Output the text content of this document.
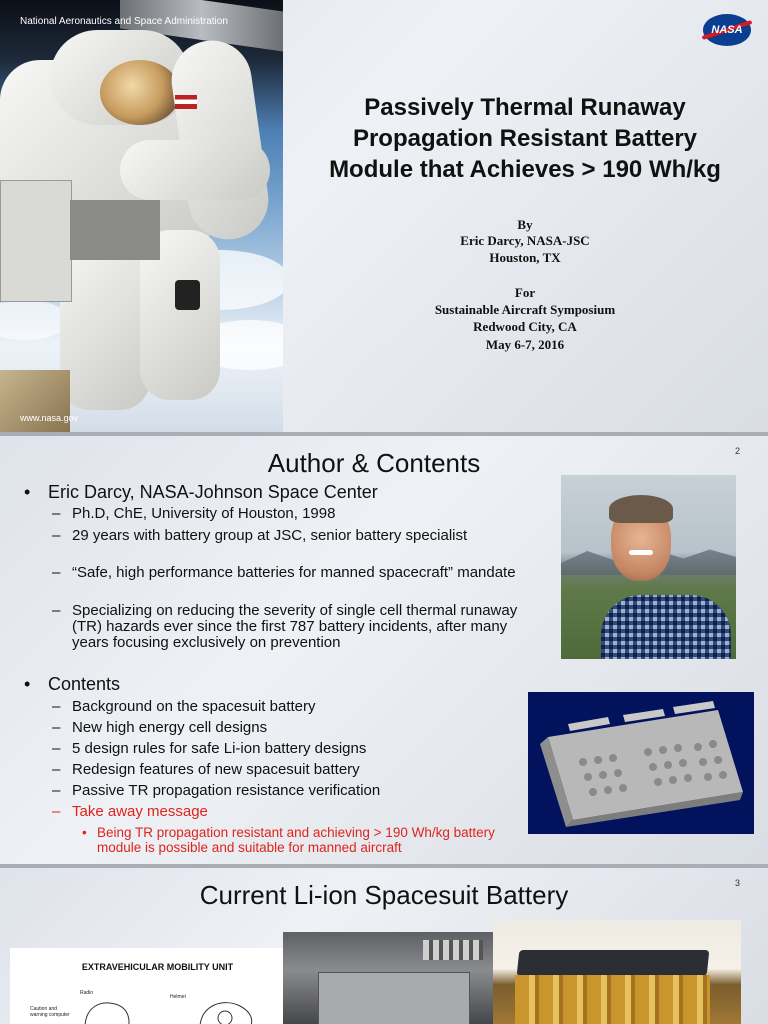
National Aeronautics and Space Administration
www.nasa.gov
NASA
Passively Thermal Runaway
Propagation Resistant Battery
Module that Achieves > 190 Wh/kg
By
Eric Darcy, NASA-JSC
Houston, TX
For
Sustainable Aircraft Symposium
Redwood City, CA
May 6-7, 2016
Author & Contents	2
• Eric Darcy, NASA-Johnson Space Center
– Ph.D, ChE, University of Houston, 1998
– 29 years with battery group at JSC, senior battery specialist
– “Safe, high performance batteries for manned spacecraft” mandate
– Specializing on reducing the severity of single cell thermal runaway (TR) hazards ever since the first 787 battery incidents, after many years focusing exclusively on prevention
• Contents
– Background on the spacesuit battery
– New high energy cell designs
– 5 design rules for safe Li-ion battery designs
– Redesign features of new spacesuit battery
– Passive TR propagation resistance verification
– Take away message
• Being TR propagation resistant and achieving > 190 Wh/kg battery module is possible and suitable for manned aircraft
Current Li-ion Spacesuit Battery	3
EXTRAVEHICULAR MOBILITY UNIT
Radio
Caution and warning computer
Helmet
